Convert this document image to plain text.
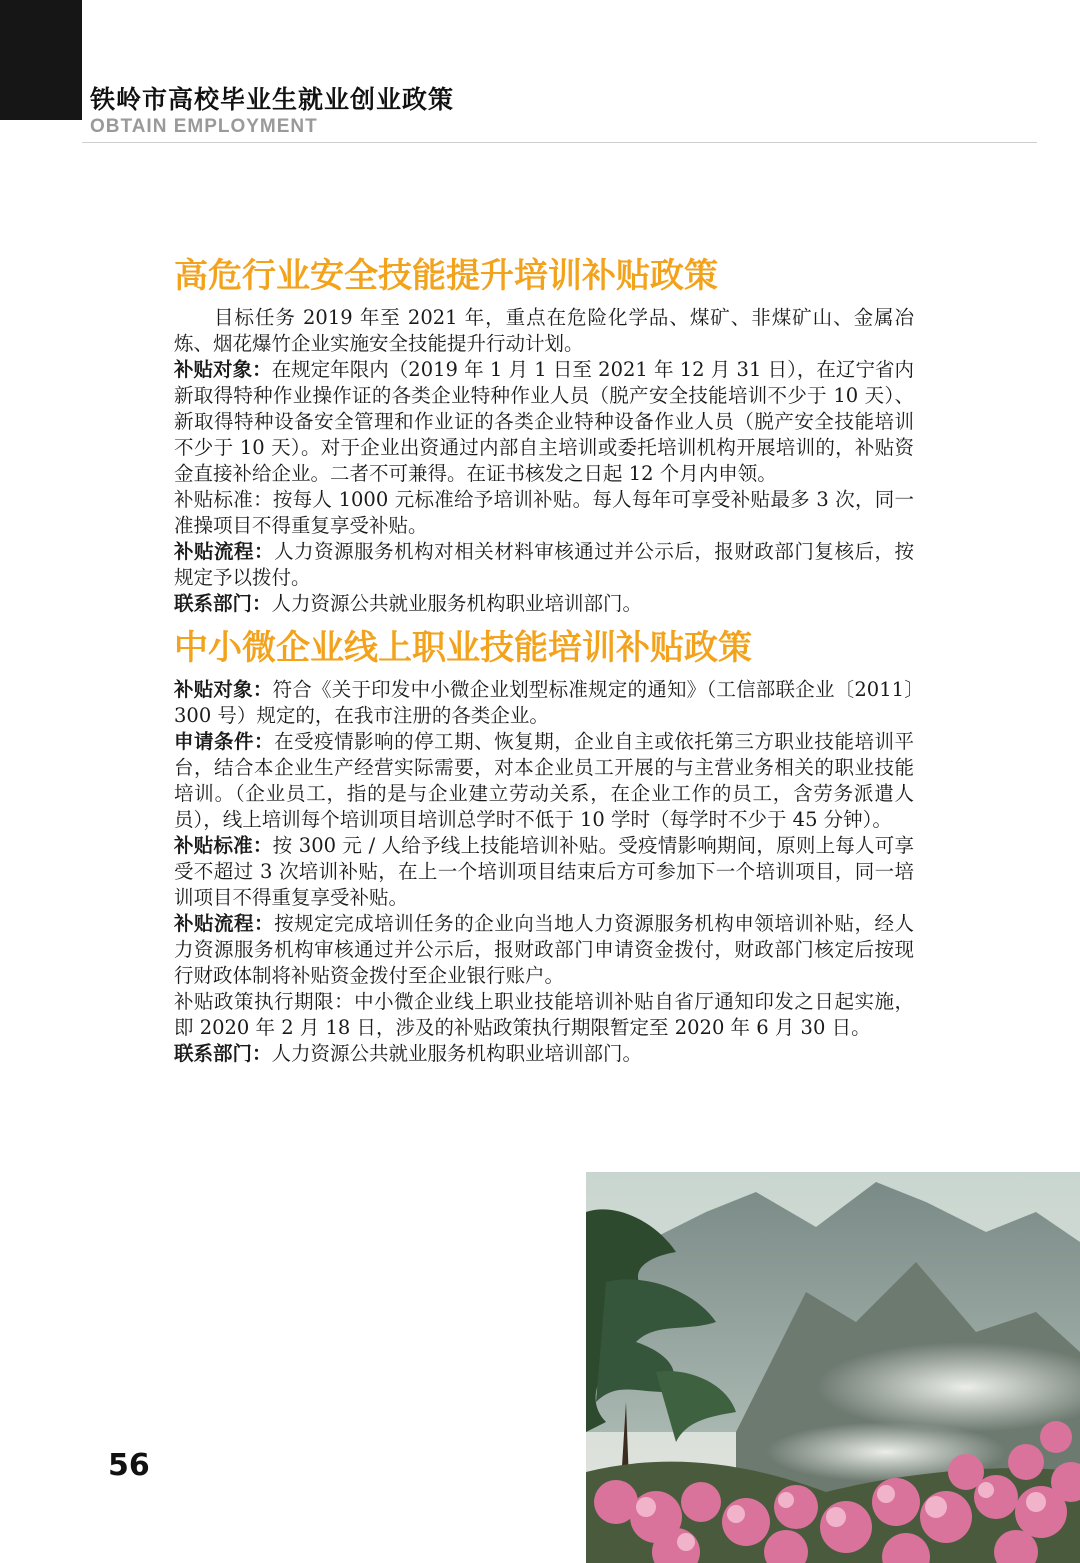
铁岭市高校毕业生就业创业政策
OBTAIN EMPLOYMENT
高危行业安全技能提升培训补贴政策

目标任务 2019 年至 2021 年，重点在危险化学品、煤矿、非煤矿山、金属冶炼、烟花爆竹企业实施安全技能提升行动计划。

补贴对象：在规定年限内（2019 年 1 月 1 日至 2021 年 12 月 31 日），在辽宁省内新取得特种作业操作证的各类企业特种作业人员（脱产安全技能培训不少于 10 天）、新取得特种设备安全管理和作业证的各类企业特种设备作业人员（脱产安全技能培训不少于 10 天）。对于企业出资通过内部自主培训或委托培训机构开展培训的，补贴资金直接补给企业。二者不可兼得。在证书核发之日起 12 个月内申领。

补贴标准：按每人 1000 元标准给予培训补贴。每人每年可享受补贴最多 3 次，同一准操项目不得重复享受补贴。

补贴流程：人力资源服务机构对相关材料审核通过并公示后，报财政部门复核后，按规定予以拨付。

联系部门：人力资源公共就业服务机构职业培训部门。

中小微企业线上职业技能培训补贴政策

补贴对象：符合《关于印发中小微企业划型标准规定的通知》（工信部联企业〔2011〕300 号）规定的，在我市注册的各类企业。

申请条件：在受疫情影响的停工期、恢复期，企业自主或依托第三方职业技能培训平台，结合本企业生产经营实际需要，对本企业员工开展的与主营业务相关的职业技能培训。（企业员工，指的是与企业建立劳动关系，在企业工作的员工，含劳务派遣人员），线上培训每个培训项目培训总学时不低于 10 学时（每学时不少于 45 分钟）。

补贴标准：按 300 元 / 人给予线上技能培训补贴。受疫情影响期间，原则上每人可享受不超过 3 次培训补贴，在上一个培训项目结束后方可参加下一个培训项目，同一培训项目不得重复享受补贴。

补贴流程：按规定完成培训任务的企业向当地人力资源服务机构申领培训补贴，经人力资源服务机构审核通过并公示后，报财政部门申请资金拨付，财政部门核定后按现行财政体制将补贴资金拨付至企业银行账户。

补贴政策执行期限：中小微企业线上职业技能培训补贴自省厅通知印发之日起实施，即 2020 年 2 月 18 日，涉及的补贴政策执行期限暂定至 2020 年 6 月 30 日。

联系部门：人力资源公共就业服务机构职业培训部门。

56
